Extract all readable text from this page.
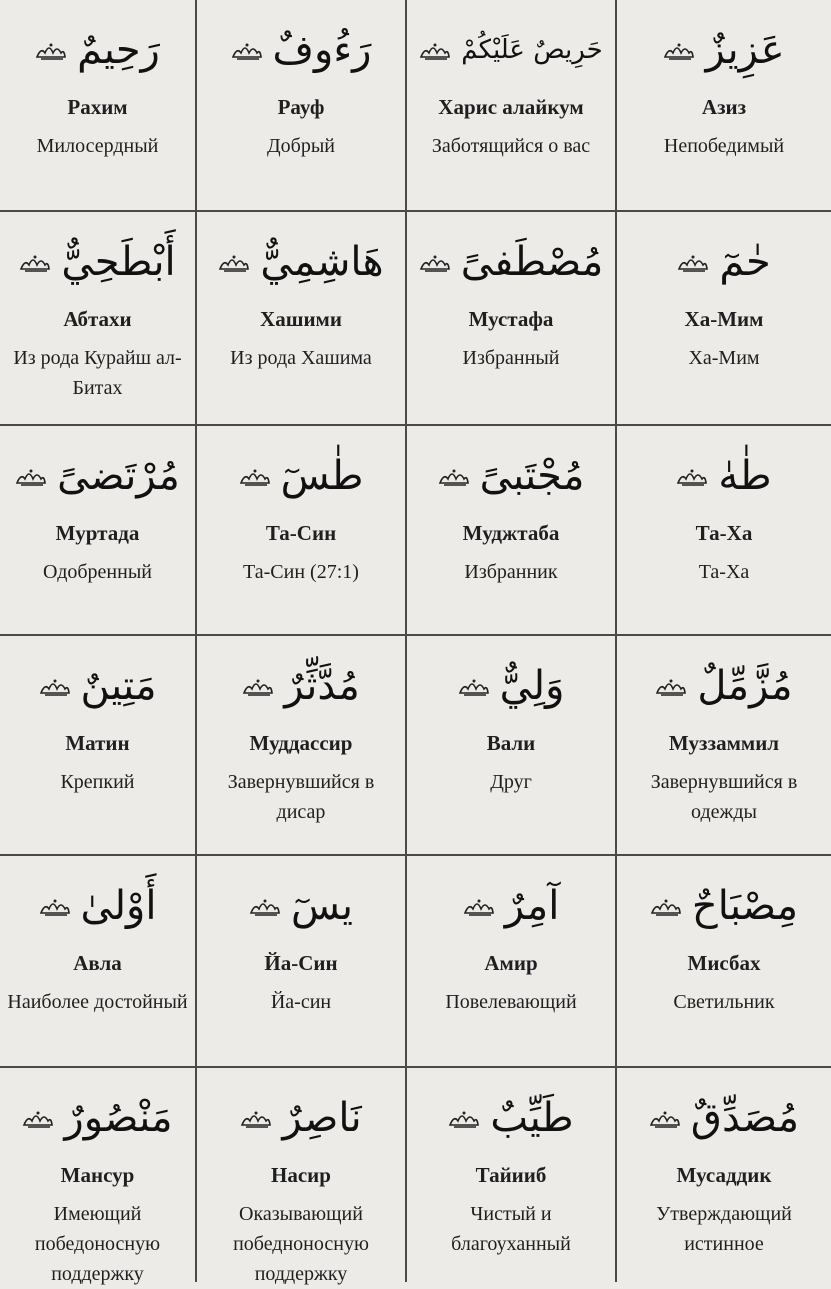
رَحِيمٌ
Рахим
Милосердный
رَءُوفٌ
Рауф
Добрый
حَرِيصٌ عَلَيْكُمْ
Харис алайкум
Заботящийся о вас
عَزِيزٌ
Азиз
Непобедимый
أَبْطَحِيٌّ
Абтахи
Из рода Курайш ал-Битах
هَاشِمِيٌّ
Хашими
Из рода Хашима
مُصْطَفىً
Мустафа
Избранный
حٰمٓ
Ха-Мим
Ха-Мим
مُرْتَضىً
Муртада
Одобренный
طٰسٓ
Та-Син
Та-Син (27:1)
مُجْتَبىً
Муджтаба
Избранник
طٰهٰ
Та-Ха
Та-Ха
مَتِينٌ
Матин
Крепкий
مُدَّثِّرٌ
Муддассир
Завернувшийся в дисар
وَلِيٌّ
Вали
Друг
مُزَّمِّلٌ
Муззаммил
Завернувшийся в одежды
أَوْلىٰ
Авла
Наиболее достойный
يسٓ
Йа-Син
Йа-син
آمِرٌ
Амир
Повелевающий
مِصْبَاحٌ
Мисбах
Светильник
مَنْصُورٌ
Мансур
Имеющий победоносную поддержку
نَاصِرٌ
Насир
Оказывающий победноносную поддержку
طَيِّبٌ
Тайииб
Чистый и благоуханный
مُصَدِّقٌ
Мусаддик
Утверждающий истинное
